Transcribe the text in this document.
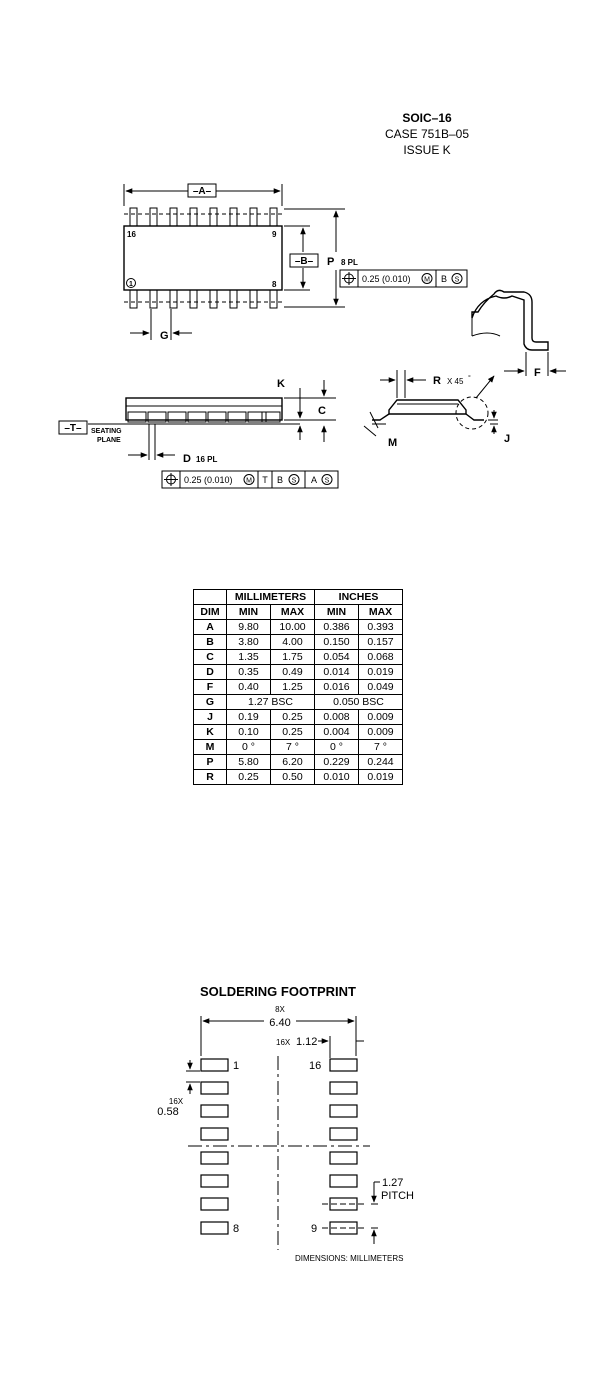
SOIC–16
CASE 751B–05
ISSUE K
–A–
16	9
1	8
–B– P 8 PL
0.25 (0.010) M B S
G
F
–T– SEATING
PLANE
K
C
D 16 PL
0.25 (0.010) M T B S A S
M
R X 45 °
J
SOLDERING FOOTPRINT
8X
6.40
16X 1.12
1	16
8	9
16X
0.58
1.27
PITCH
DIMENSIONS: MILLIMETERS
	MILLIMETERS		INCHES	
DIM	MIN	MAX	MIN	MAX
A	9.80	10.00	0.386	0.393
B	3.80	4.00	0.150	0.157
C	1.35	1.75	0.054	0.068
D	0.35	0.49	0.014	0.019
F	0.40	1.25	0.016	0.049
G	1.27 BSC		0.050 BSC	
J	0.19	0.25	0.008	0.009
K	0.10	0.25	0.004	0.009
M	0 °	7 °	0 °	7 °
P	5.80	6.20	0.229	0.244
R	0.25	0.50	0.010	0.019
